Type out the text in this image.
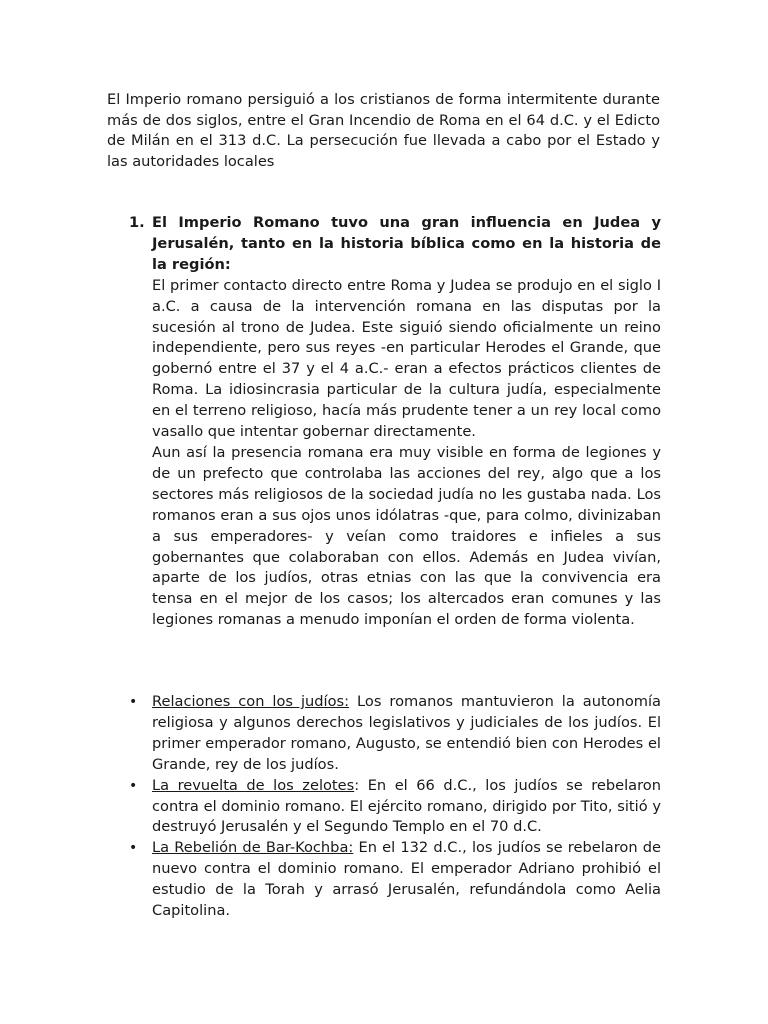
El Imperio romano persiguió a los cristianos de forma intermitente durante más de dos siglos, entre el Gran Incendio de Roma en el 64 d.C. y el Edicto de Milán en el 313 d.C. La persecución fue llevada a cabo por el Estado y las autoridades locales

1. El Imperio Romano tuvo una gran influencia en Judea y Jerusalén, tanto en la historia bíblica como en la historia de la región:

El primer contacto directo entre Roma y Judea se produjo en el siglo I a.C. a causa de la intervención romana en las disputas por la sucesión al trono de Judea. Este siguió siendo oficialmente un reino independiente, pero sus reyes -en particular Herodes el Grande, que gobernó entre el 37 y el 4 a.C.- eran a efectos prácticos clientes de Roma. La idiosincrasia particular de la cultura judía, especialmente en el terreno religioso, hacía más prudente tener a un rey local como vasallo que intentar gobernar directamente.

Aun así la presencia romana era muy visible en forma de legiones y de un prefecto que controlaba las acciones del rey, algo que a los sectores más religiosos de la sociedad judía no les gustaba nada. Los romanos eran a sus ojos unos idólatras -que, para colmo, divinizaban a sus emperadores- y veían como traidores e infieles a sus gobernantes que colaboraban con ellos. Además en Judea vivían, aparte de los judíos, otras etnias con las que la convivencia era tensa en el mejor de los casos; los altercados eran comunes y las legiones romanas a menudo imponían el orden de forma violenta.

• Relaciones con los judíos: Los romanos mantuvieron la autonomía religiosa y algunos derechos legislativos y judiciales de los judíos. El primer emperador romano, Augusto, se entendió bien con Herodes el Grande, rey de los judíos.
• La revuelta de los zelotes: En el 66 d.C., los judíos se rebelaron contra el dominio romano. El ejército romano, dirigido por Tito, sitió y destruyó Jerusalén y el Segundo Templo en el 70 d.C.
• La Rebelión de Bar-Kochba: En el 132 d.C., los judíos se rebelaron de nuevo contra el dominio romano. El emperador Adriano prohibió el estudio de la Torah y arrasó Jerusalén, refundándola como Aelia Capitolina.
